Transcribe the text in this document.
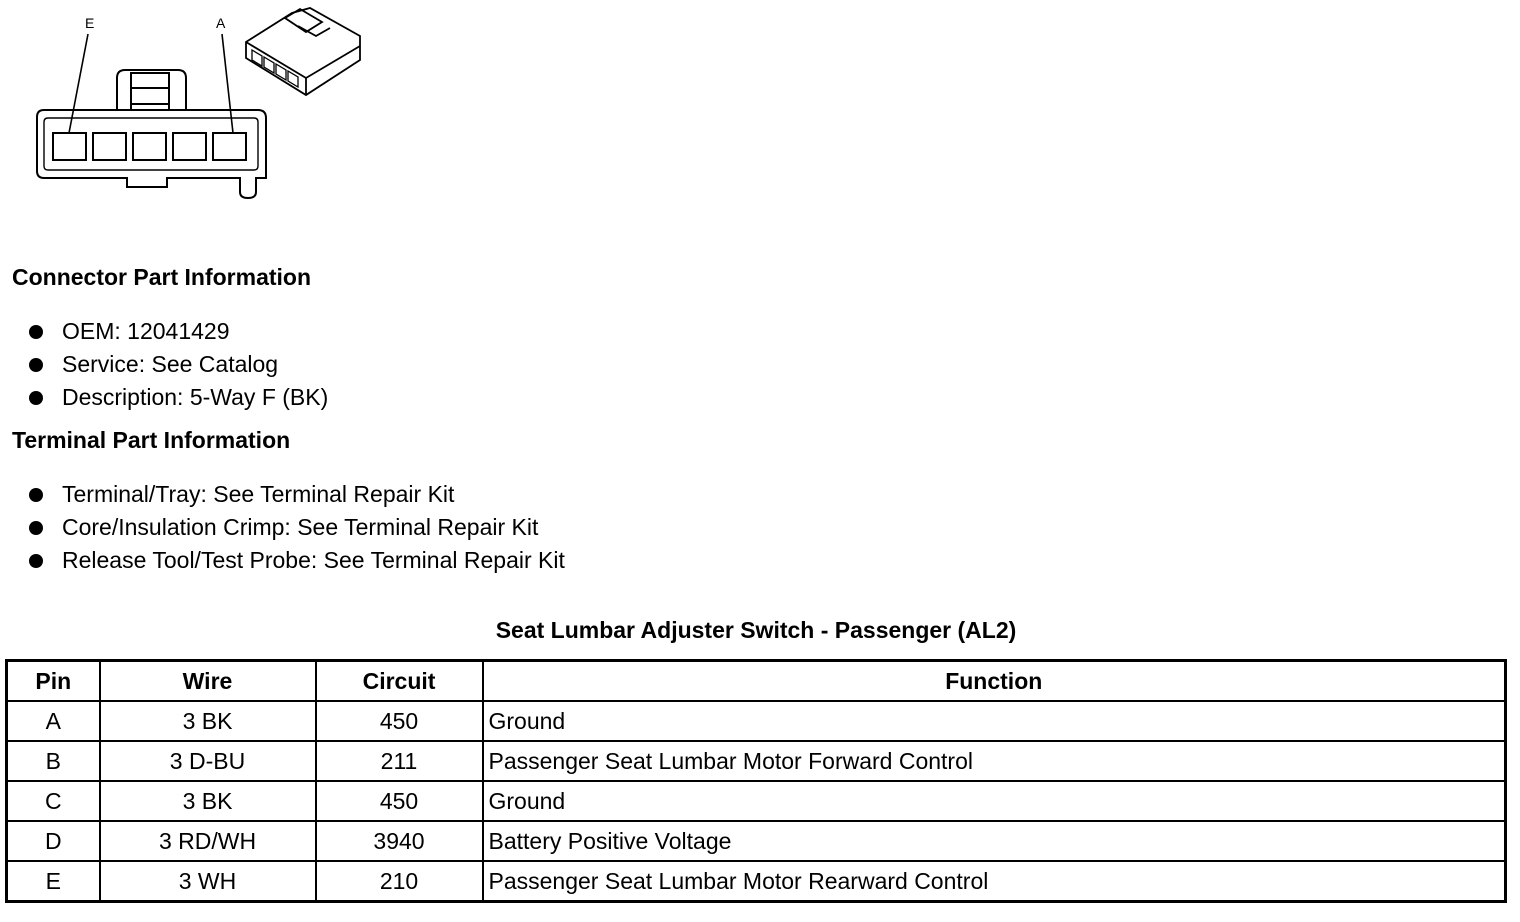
E	A
Connector Part Information
OEM: 12041429
Service: See Catalog
Description: 5-Way F (BK)
Terminal Part Information
Terminal/Tray: See Terminal Repair Kit
Core/Insulation Crimp: See Terminal Repair Kit
Release Tool/Test Probe: See Terminal Repair Kit
Seat Lumbar Adjuster Switch - Passenger (AL2)
Pin	Wire	Circuit	Function
A	3 BK	450	Ground
B	3 D-BU	211	Passenger Seat Lumbar Motor Forward Control
C	3 BK	450	Ground
D	3 RD/WH	3940	Battery Positive Voltage
E	3 WH	210	Passenger Seat Lumbar Motor Rearward Control
